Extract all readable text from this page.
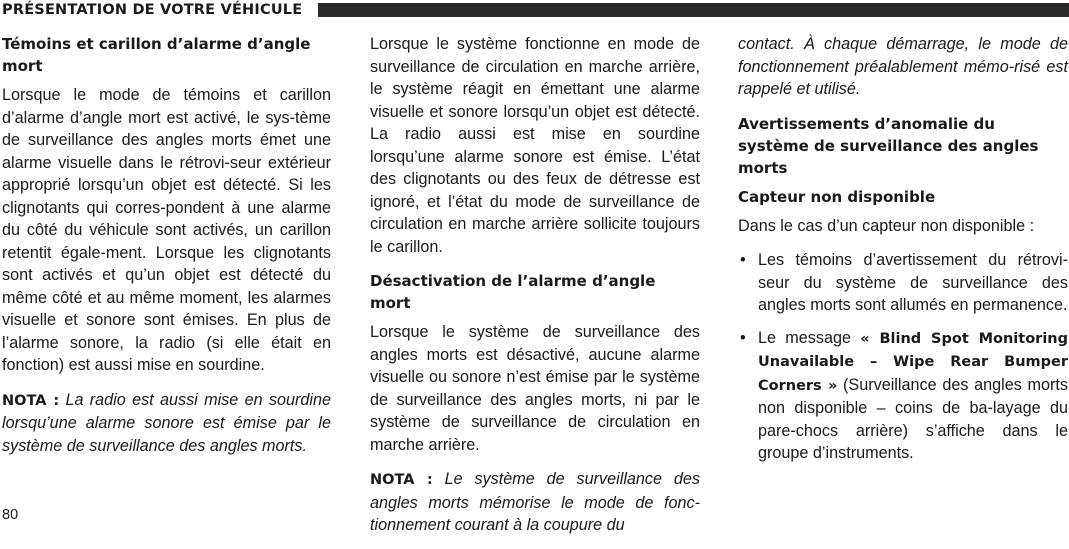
PRÉSENTATION DE VOTRE VÉHICULE
Témoins et carillon d’alarme d’angle mort

Lorsque le mode de témoins et carillon d’alarme d’angle mort est activé, le sys-tème de surveillance des angles morts émet une alarme visuelle dans le rétrovi-seur extérieur approprié lorsqu’un objet est détecté. Si les clignotants qui corres-pondent à une alarme du côté du véhicule sont activés, un carillon retentit égale-ment. Lorsque les clignotants sont activés et qu’un objet est détecté du même côté et au même moment, les alarmes visuelle et sonore sont émises. En plus de l’alarme sonore, la radio (si elle était en fonction) est aussi mise en sourdine.

NOTA : La radio est aussi mise en sourdine lorsqu’une alarme sonore est émise par le système de surveillance des angles morts.

Lorsque le système fonctionne en mode de surveillance de circulation en marche arrière, le système réagit en émettant une alarme visuelle et sonore lorsqu’un objet est détecté. La radio aussi est mise en sourdine lorsqu’une alarme sonore est émise. L’état des clignotants ou des feux de détresse est ignoré, et l’état du mode de surveillance de circulation en marche arrière sollicite toujours le carillon.

Désactivation de l’alarme d’angle mort

Lorsque le système de surveillance des angles morts est désactivé, aucune alarme visuelle ou sonore n’est émise par le système de surveillance des angles morts, ni par le système de surveillance de circulation en marche arrière.

NOTA : Le système de surveillance des angles morts mémorise le mode de fonc-tionnement courant à la coupure du

contact. À chaque démarrage, le mode de fonctionnement préalablement mémo-risé est rappelé et utilisé.

Avertissements d’anomalie du système de surveillance des angles morts
Capteur non disponible

Dans le cas d’un capteur non disponible :

• Les témoins d’avertissement du rétrovi-seur du système de surveillance des angles morts sont allumés en permanence.
• Le message « Blind Spot Monitoring Unavailable – Wipe Rear Bumper Corners » (Surveillance des angles morts non disponible – coins de ba-layage du pare-chocs arrière) s’affiche dans le groupe d’instruments.
80
